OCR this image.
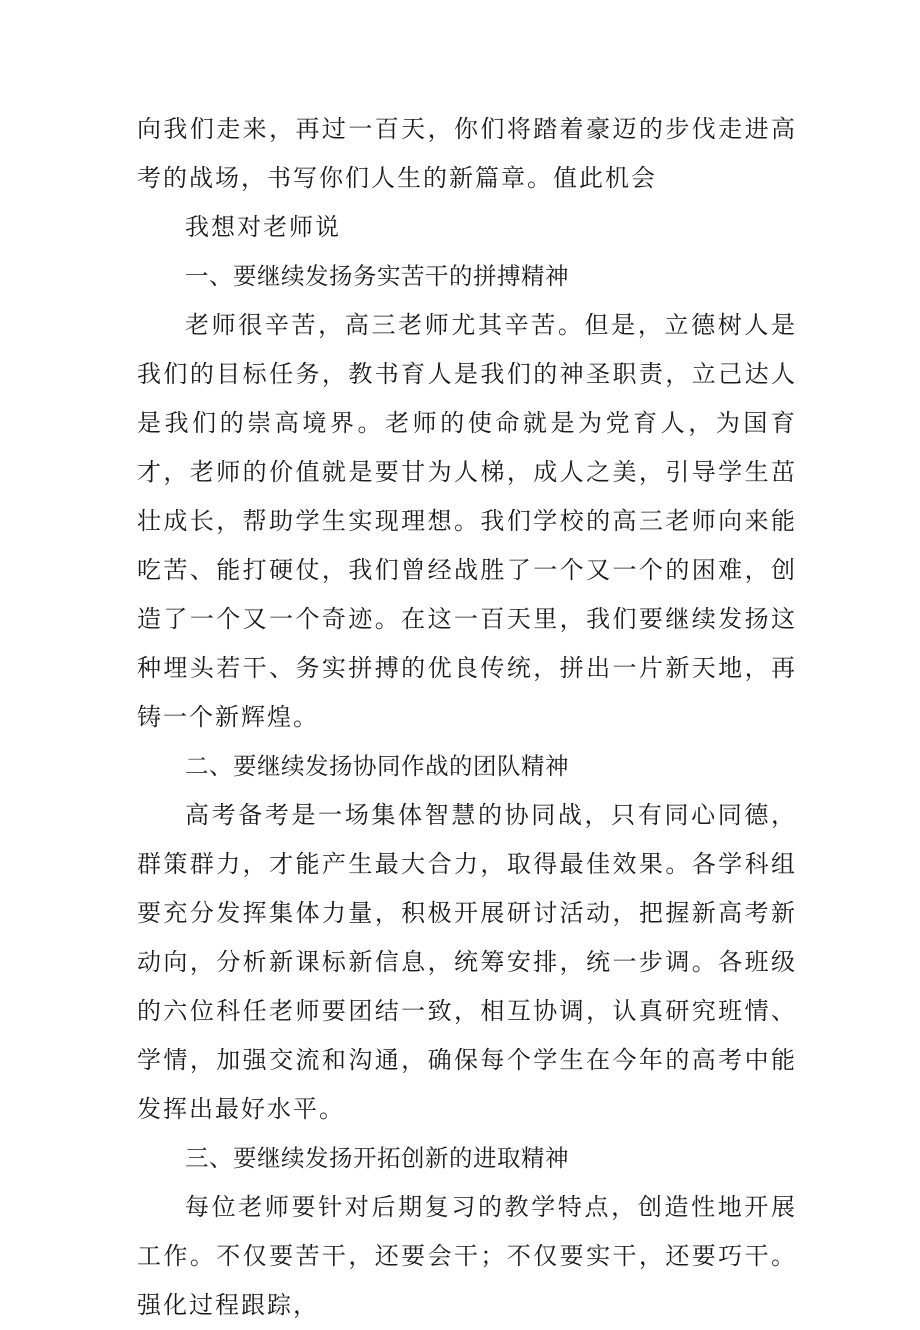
向我们走来，再过一百天，你们将踏着豪迈的步伐走进高考的战场，书写你们人生的新篇章。值此机会

我想对老师说

一、要继续发扬务实苦干的拼搏精神

老师很辛苦，高三老师尤其辛苦。但是，立德树人是我们的目标任务，教书育人是我们的神圣职责，立己达人是我们的崇高境界。老师的使命就是为党育人，为国育才，老师的价值就是要甘为人梯，成人之美，引导学生茁壮成长，帮助学生实现理想。我们学校的高三老师向来能吃苦、能打硬仗，我们曾经战胜了一个又一个的困难，创造了一个又一个奇迹。在这一百天里，我们要继续发扬这种埋头若干、务实拼搏的优良传统，拼出一片新天地，再铸一个新辉煌。

二、要继续发扬协同作战的团队精神

高考备考是一场集体智慧的协同战，只有同心同德，群策群力，才能产生最大合力，取得最佳效果。各学科组要充分发挥集体力量，积极开展研讨活动，把握新高考新动向，分析新课标新信息，统筹安排，统一步调。各班级的六位科任老师要团结一致，相互协调，认真研究班情、学情，加强交流和沟通，确保每个学生在今年的高考中能发挥出最好水平。

三、要继续发扬开拓创新的进取精神

每位老师要针对后期复习的教学特点，创造性地开展工作。不仅要苦干，还要会干；不仅要实干，还要巧干。强化过程跟踪，
